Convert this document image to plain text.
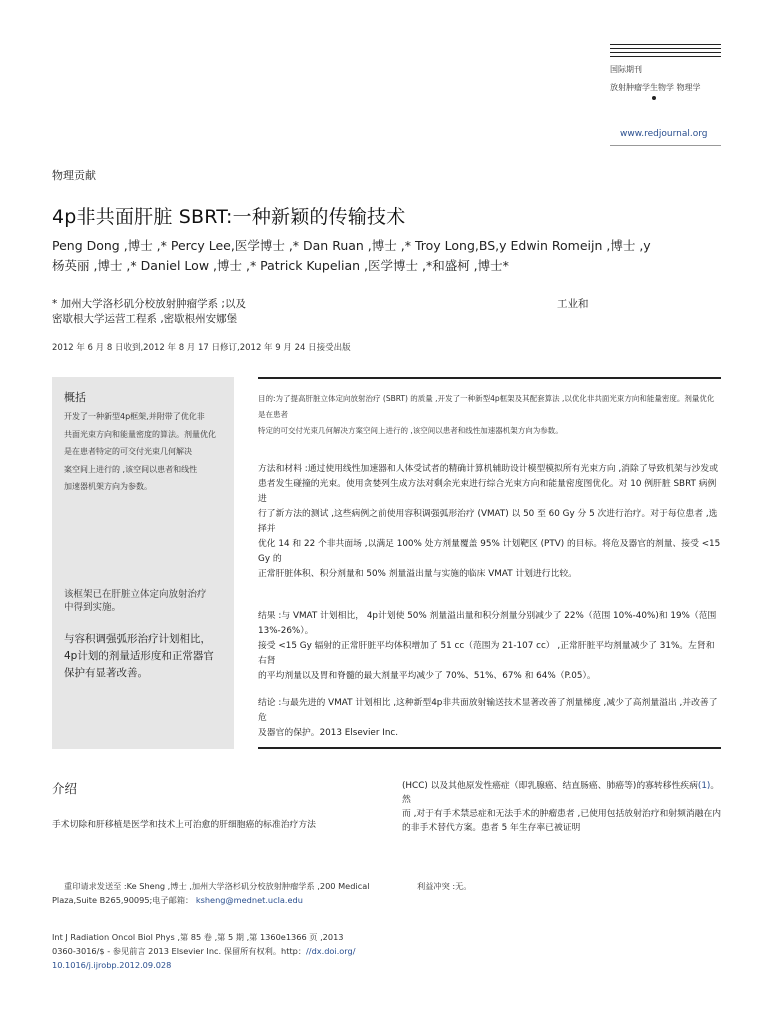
国际期刊
放射肿瘤学生物学 物理学
www.redjournal.org
物理贡献
4p非共面肝脏 SBRT:一种新颖的传输技术
Peng Dong ,博士 ,* Percy Lee,医学博士 ,* Dan Ruan ,博士 ,* Troy Long,BS,y Edwin Romeijn ,博士 ,y
杨英丽 ,博士 ,* Daniel Low ,博士 ,* Patrick Kupelian ,医学博士 ,*和盛柯 ,博士*
* 加州大学洛杉矶分校放射肿瘤学系 ;以及	工业和
密歇根大学运营工程系 ,密歇根州安娜堡
2012 年 6 月 8 日收到,2012 年 8 月 17 日修订,2012 年 9 月 24 日接受出版
概括
开发了一种新型4p框架,并附带了优化非
共面光束方向和能量密度的算法。剂量优化
是在患者特定的可交付光束几何解决
案空间上进行的 ,该空间以患者和线性
加速器机架方向为参数。
该框架已在肝脏立体定向放射治疗
中得到实施。
与容积调强弧形治疗计划相比，
4p计划的剂量适形度和正常器官
保护有显著改善。
目的:为了提高肝脏立体定向放射治疗 (SBRT) 的质量 ,开发了一种新型4p框架及其配套算法 ,以优化非共面光束方向和能量密度。剂量优化是在患者
特定的可交付光束几何解决方案空间上进行的 ,该空间以患者和线性加速器机架方向为参数。
方法和材料 :通过使用线性加速器和人体受试者的精确计算机辅助设计模型模拟所有光束方向 ,消除了导致机架与沙发或
患者发生碰撞的光束。使用贪婪列生成方法对剩余光束进行综合光束方向和能量密度图优化。对 10 例肝脏 SBRT 病例进
行了新方法的测试 ,这些病例之前使用容积调强弧形治疗 (VMAT) 以 50 至 60 Gy 分 5 次进行治疗。对于每位患者 ,选择并
优化 14 和 22 个非共面场 ,以满足 100% 处方剂量覆盖 95% 计划靶区 (PTV) 的目标。将危及器官的剂量、接受 <15 Gy 的
正常肝脏体积、积分剂量和 50% 剂量溢出量与实施的临床 VMAT 计划进行比较。
结果 :与 VMAT 计划相比， 4p计划使 50% 剂量溢出量和积分剂量分别减少了 22%（范围 10%-40%)和 19%（范围
13%-26%）。
接受 <15 Gy 辐射的正常肝脏平均体积增加了 51 cc（范围为 21-107 cc） ,正常肝脏平均剂量减少了 31%。左肾和右肾
的平均剂量以及胃和脊髓的最大剂量平均减少了 70%、51%、67% 和 64%（P.05）。
结论 :与最先进的 VMAT 计划相比 ,这种新型4p非共面放射输送技术显著改善了剂量梯度 ,减少了高剂量溢出 ,并改善了危
及器官的保护。2013 Elsevier Inc.
介绍
手术切除和肝移植是医学和技术上可治愈的肝细胞癌的标准治疗方法
(HCC) 以及其他原发性癌症（即乳腺癌、结直肠癌、肺癌等)的寡转移性疾病(1)。然
而 ,对于有手术禁忌症和无法手术的肿瘤患者 ,已使用包括放射治疗和射频消融在内
的非手术替代方案。患者 5 年生存率已被证明
重印请求发送至 :Ke Sheng ,博士 ,加州大学洛杉矶分校放射肿瘤学系 ,200 Medical
Plaza,Suite B265,90095;电子邮箱： ksheng@mednet.ucla.edu
利益冲突 :无。
Int J Radiation Oncol Biol Phys ,第 85 卷 ,第 5 期 ,第 1360e1366 页 ,2013
0360-3016/$ - 参见前言 2013 Elsevier Inc. 保留所有权利。http：//dx.doi.org/
10.1016/j.ijrobp.2012.09.028
